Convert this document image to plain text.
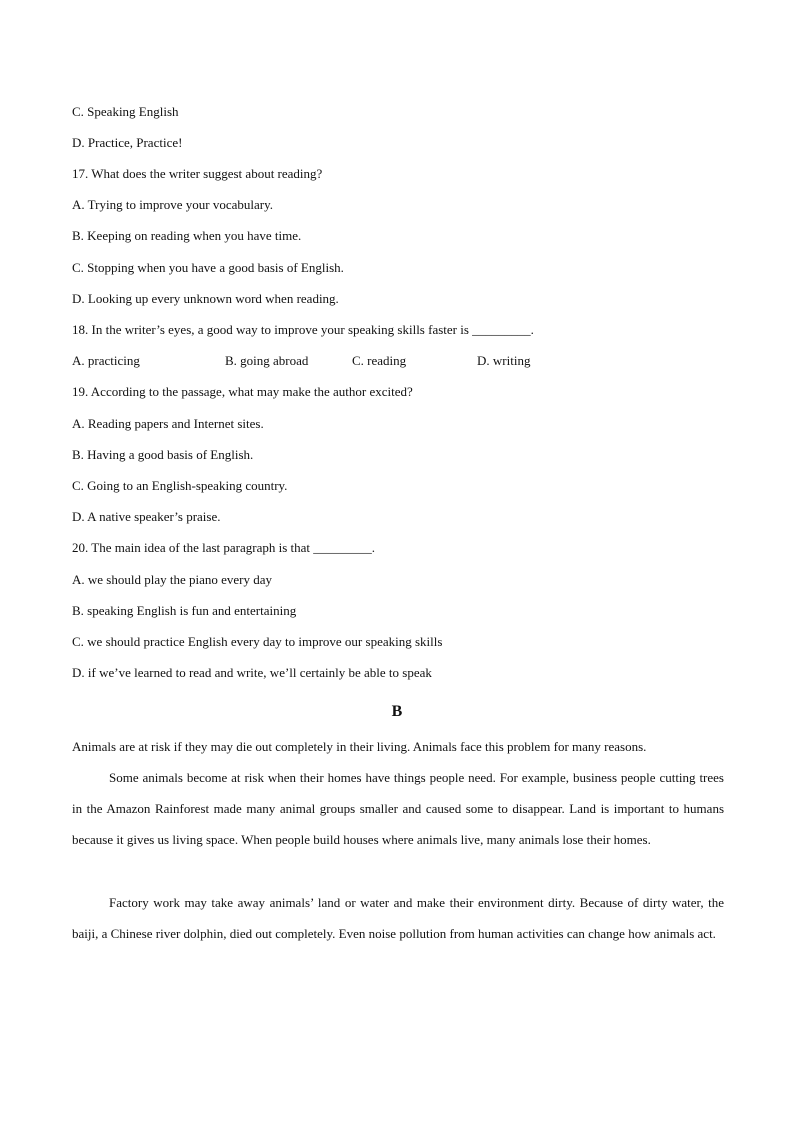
C. Speaking English
D. Practice, Practice!
17. What does the writer suggest about reading?
A. Trying to improve your vocabulary.
B. Keeping on reading when you have time.
C. Stopping when you have a good basis of English.
D. Looking up every unknown word when reading.
18. In the writer’s eyes, a good way to improve your speaking skills faster is _________.
A. practicing	B. going abroad	C. reading	D. writing
19. According to the passage, what may make the author excited?
A. Reading papers and Internet sites.
B. Having a good basis of English.
C. Going to an English-speaking country.
D. A native speaker’s praise.
20. The main idea of the last paragraph is that _________.
A. we should play the piano every day
B. speaking English is fun and entertaining
C. we should practice English every day to improve our speaking skills
D. if we’ve learned to read and write, we’ll certainly be able to speak
B
Animals are at risk if they may die out completely in their living. Animals face this problem for many reasons.
Some animals become at risk when their homes have things people need. For example, business people cutting trees in the Amazon Rainforest made many animal groups smaller and caused some to disappear. Land is important to humans because it gives us living space. When people build houses where animals live, many animals lose their homes.
Factory work may take away animals’ land or water and make their environment dirty. Because of dirty water, the baiji, a Chinese river dolphin, died out completely. Even noise pollution from human activities can change how animals act.
